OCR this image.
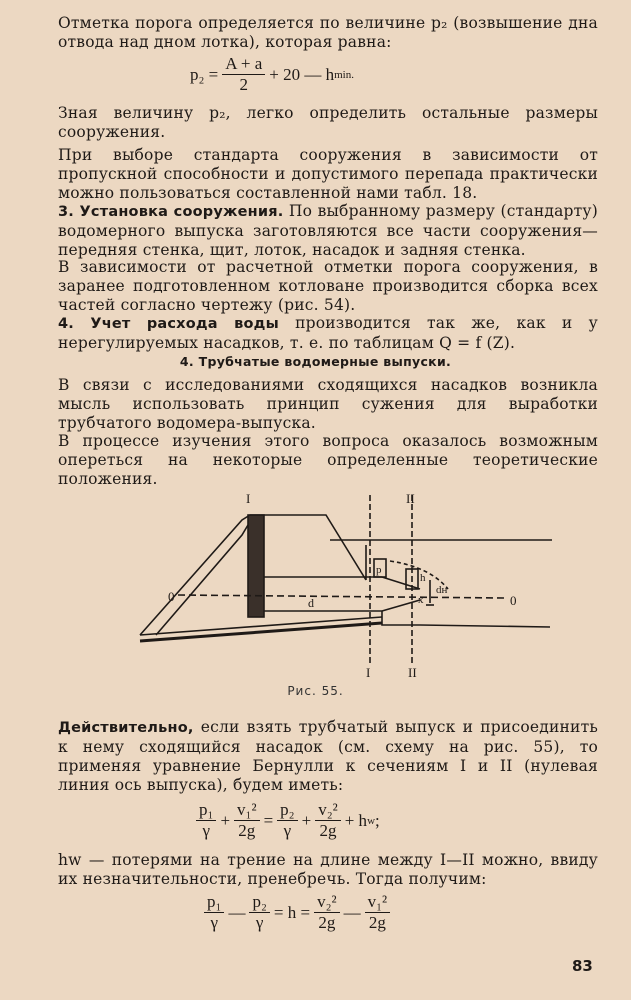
Отметка порога определяется по величине p₂ (возвышение дна отвода над дном лотка), которая равна:
$p_2 = \frac{A + a}{2} + 20$ — h min.
Зная величину p₂, легко определить остальные размеры сооружения.
При выборе стандарта сооружения в зависимости от пропускной способности и допустимого перепада практически можно пользоваться составленной нами табл. 18.
3. Установка сооружения. По выбранному размеру (стандарту) водомерного выпуска заготовляются все части сооружения—передняя стенка, щит, лоток, насадок и задняя стенка.
В зависимости от расчетной отметки порога сооружения, в заранее подготовленном котловане производится сборка всех частей согласно чертежу (рис. 54).
4. Учет расхода воды производится так же, как и у нерегулируемых насадков, т. е. по таблицам Q = f (Z).
4. Трубчатые водомерные выпуски.
В связи с исследованиями сходящихся насадков возникла мысль использовать принцип сужения для выработки трубчатого водомера-выпуска.
В процессе изучения этого вопроса оказалось возможным опереться на некоторые определенные теоретические положения.
I	II
I	II
0	0
d
p
h
dн
x
Рис. 55.
Действительно, если взять трубчатый выпуск и присоединить к нему сходящийся насадок (см. схему на рис. 55), то применяя уравнение Бернулли к сечениям I и II (нулевая линия ось выпуска), будем иметь:
$\frac{\text{p₁}}{\gamma} + \frac{\text{v₁²}}{2g} = \frac{\text{p₂}}{\gamma} + \frac{\text{v₂²}}{2g} + h$ w ;
hw — потерями на трение на длине между I—II можно, ввиду их незначительности, пренебречь. Тогда получим:
$\frac{\text{p₁}}{\gamma}$ — $\frac{\text{p₂}}{\gamma} = h = \frac{\text{v₂²}}{2g}$ — $\frac{\text{v₁²}}{2g}$
83
